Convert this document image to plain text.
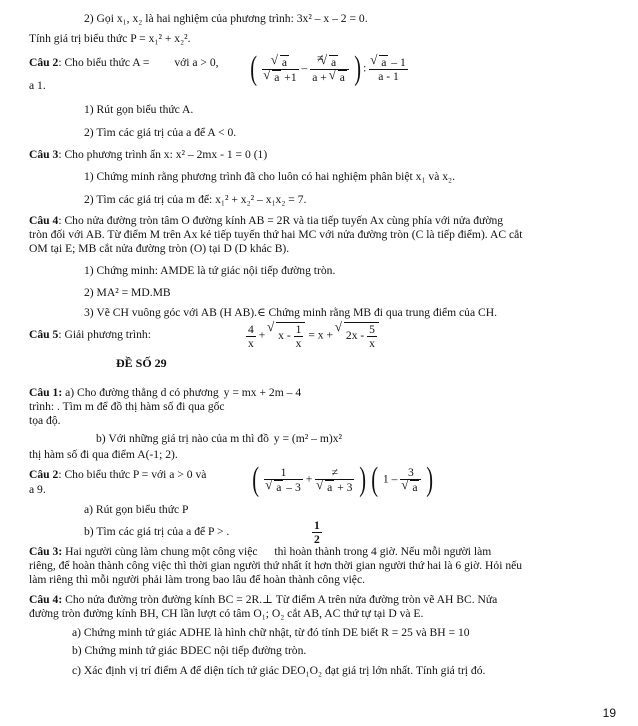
2) Gọi x₁, x₂ là hai nghiệm của phương trình: 3x² – x – 2 = 0.
Tính giá trị biểu thức P = x₁² + x₂².
Câu 2: Cho biểu thức A = với a > 0, (
√ a
√ a +1 – ≠
√ a
a + √ a ) :
√ $\frac{a - 1}{a - 1}$
a 1.
1) Rút gọn biểu thức A.
2) Tìm các giá trị của a để A < 0.
Câu 3: Cho phương trình ẩn x: x² – 2mx - 1 = 0 (1)
1) Chứng minh rằng phương trình đã cho luôn có hai nghiệm phân biệt x₁ và x₂.
2) Tìm các giá trị của m để: x₁² + x₂² – x₁x₂ = 7.
Câu 4: Cho nửa đường tròn tâm O đường kính AB = 2R và tia tiếp tuyến Ax cùng phía với nửa đường
tròn đối với AB. Từ điểm M trên Ax kẻ tiếp tuyến thứ hai MC với nửa đường tròn (C là tiếp điểm). AC cắt
OM tại E; MB cắt nửa đường tròn (O) tại D (D khác B).
1) Chứng minh: AMDE là tứ giác nội tiếp đường tròn.
2) MA² = MD.MB
3) Vẽ CH vuông góc với AB (H AB).∈ Chứng minh rằng MB đi qua trung điểm của CH.
Câu 5: Giải phương trình:	$\frac{4}{x}$ + √ $x - \frac{1}{x} = x$ + √ $2x - \frac{5}{x}$
ĐỀ SỐ 29
Câu 1: a) Cho đường thẳng d có phương y = mx + 2m – 4
trình: . Tìm m để đồ thị hàm số đi qua gốc
tọa độ.
b) Với những giá trị nào của m thì đồ y = (m² – m)x²
thị hàm số đi qua điểm A(-1; 2).
Câu 2: Cho biểu thức P = với a > 0 và ( 1
√ a – 3 + ≠
√ a + 3 ) ( 1 – 3
√ a )
a 9.
a) Rút gọn biểu thức P
b) Tìm các giá trị của a để P > .	$\frac{1}{2}$
Câu 3: Hai người cùng làm chung một công việc thì hoàn thành trong 4 giờ. Nếu mỗi người làm
riêng, để hoàn thành công việc thì thời gian người thứ nhất ít hơn thời gian người thứ hai là 6 giờ. Hỏi nếu
làm riêng thì mỗi người phải làm trong bao lâu để hoàn thành công việc.
Câu 4: Cho nửa đường tròn đường kính BC = 2R.⊥ Từ điểm A trên nửa đường tròn vẽ AH BC. Nửa
đường tròn đường kính BH, CH lần lượt có tâm O₁; O₂ cắt AB, AC thứ tự tại D và E.
a) Chứng minh tứ giác ADHE là hình chữ nhật, từ đó tính DE biết R = 25 và BH = 10
b) Chứng minh tứ giác BDEC nội tiếp đường tròn.
c) Xác định vị trí điểm A để diện tích tứ giác DEO₁O₂ đạt giá trị lớn nhất. Tính giá trị đó.
19
